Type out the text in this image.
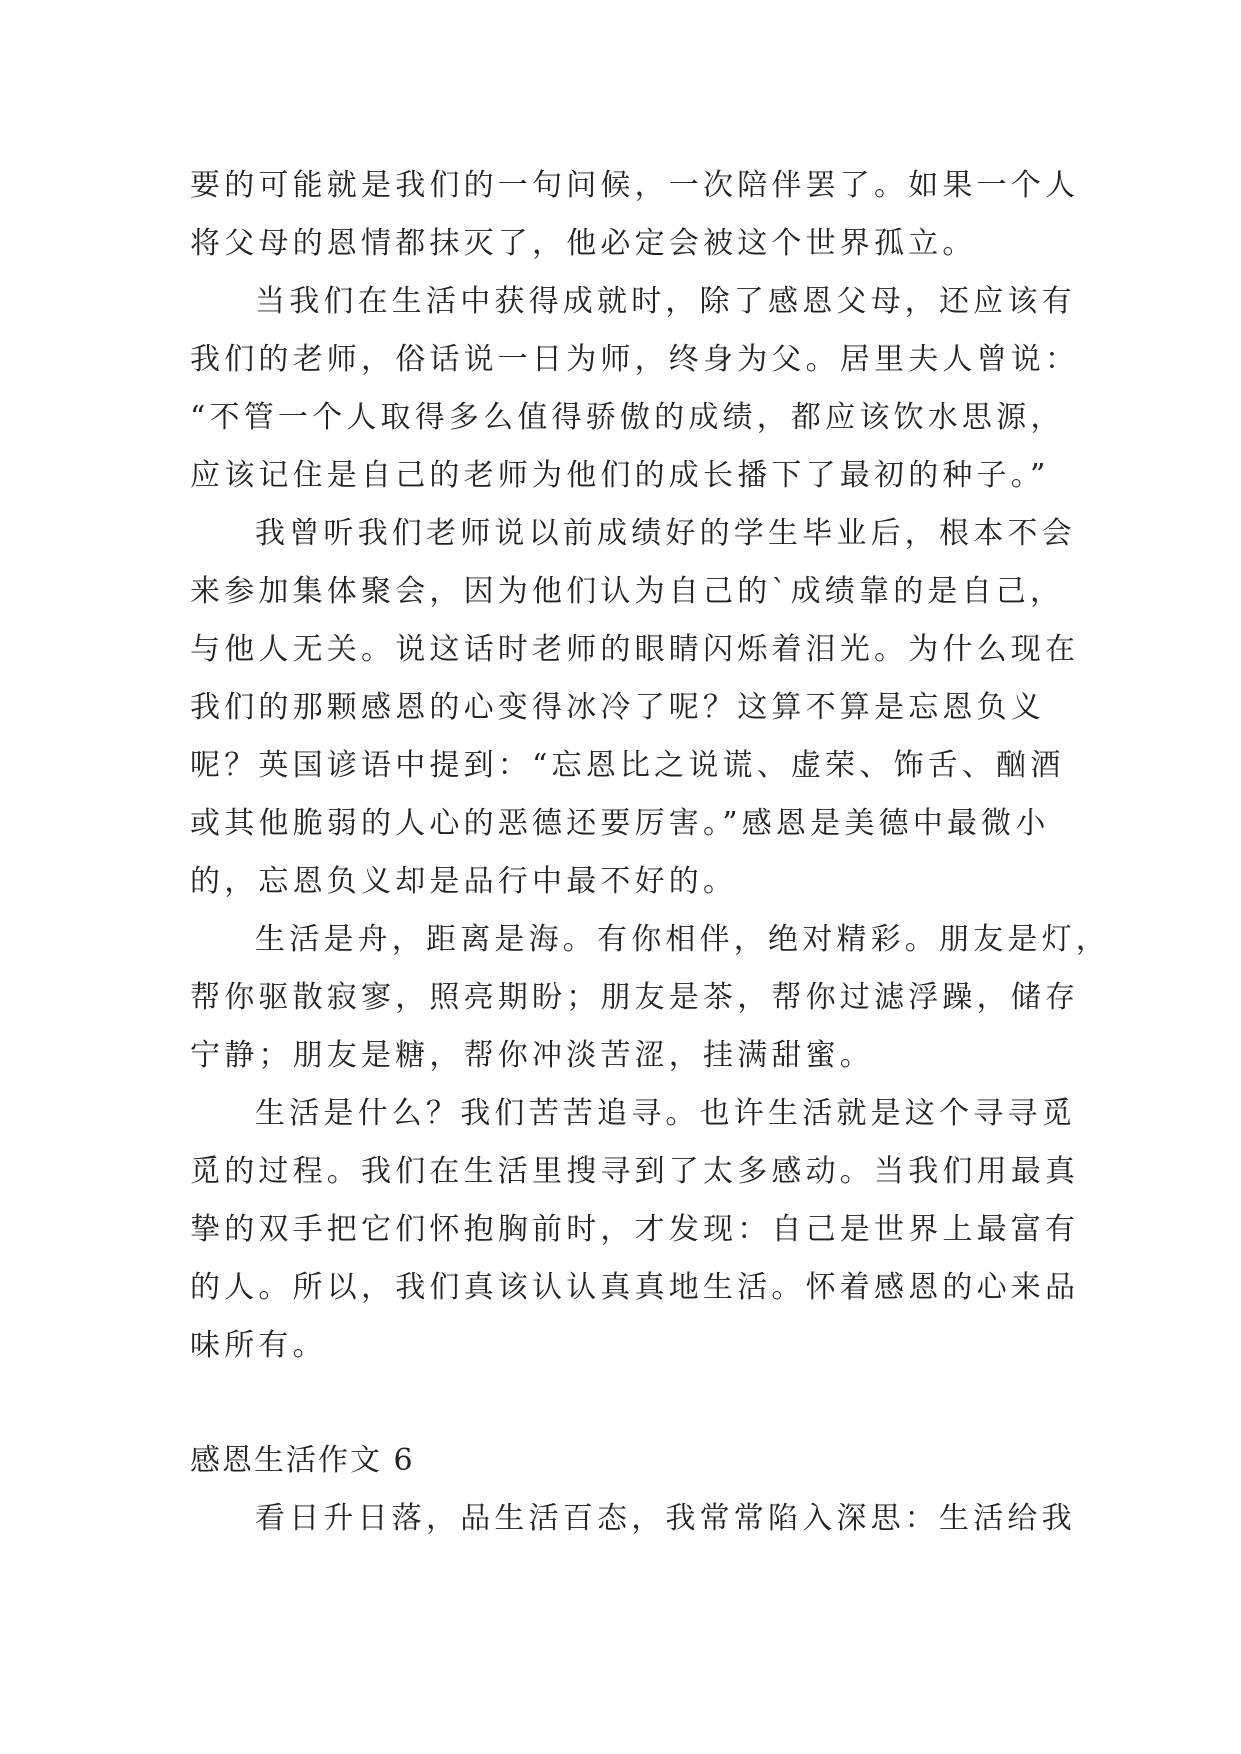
要的可能就是我们的一句问候，一次陪伴罢了。如果一个人

将父母的恩情都抹灭了，他必定会被这个世界孤立。

当我们在生活中获得成就时，除了感恩父母，还应该有

我们的老师，俗话说一日为师，终身为父。居里夫人曾说：

“不管一个人取得多么值得骄傲的成绩，都应该饮水思源，

应该记住是自己的老师为他们的成长播下了最初的种子。”

我曾听我们老师说以前成绩好的学生毕业后，根本不会

来参加集体聚会，因为他们认为自己的`成绩靠的是自己，

与他人无关。说这话时老师的眼睛闪烁着泪光。为什么现在

我们的那颗感恩的心变得冰冷了呢？这算不算是忘恩负义

呢？英国谚语中提到：“忘恩比之说谎、虚荣、饰舌、酗酒

或其他脆弱的人心的恶德还要厉害。”感恩是美德中最微小

的，忘恩负义却是品行中最不好的。

生活是舟，距离是海。有你相伴，绝对精彩。朋友是灯，

帮你驱散寂寥，照亮期盼；朋友是茶，帮你过滤浮躁，储存

宁静；朋友是糖，帮你冲淡苦涩，挂满甜蜜。

生活是什么？我们苦苦追寻。也许生活就是这个寻寻觅

觅的过程。我们在生活里搜寻到了太多感动。当我们用最真

挚的双手把它们怀抱胸前时，才发现：自己是世界上最富有

的人。所以，我们真该认认真真地生活。怀着感恩的心来品

味所有。

感恩生活作文 6

看日升日落，品生活百态，我常常陷入深思：生活给我
